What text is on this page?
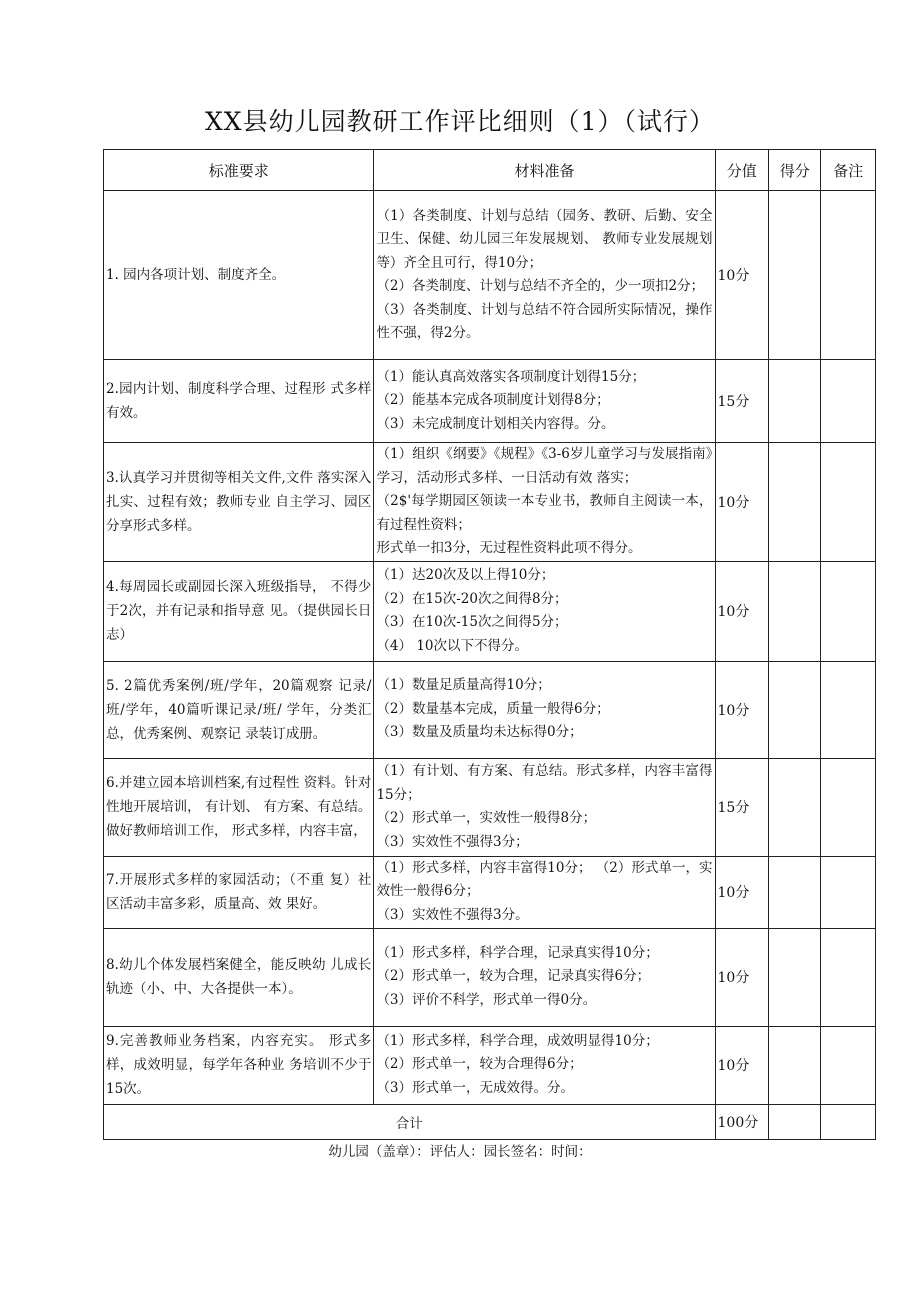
XX县幼儿园教研工作评比细则（1）（试行）
标准要求	材料准备	分值	得分	备注
1. 园内各项计划、制度齐全。	（1）各类制度、计划与总结（园务、教研、后勤、安全卫生、保健、幼儿园三年发展规划、 教师专业发展规划等）齐全且可行，得10分；
（2）各类制度、计划与总结不齐全的，少一项扣2分；
（3）各类制度、计划与总结不符合园所实际情况，操作性不强，得2分。	10分		
2.园内计划、制度科学合理、过程形 式多样有效。	（1）能认真高效落实各项制度计划得15分；
（2）能基本完成各项制度计划得8分；
（3）未完成制度计划相关内容得。分。	15分		
3.认真学习并贯彻等相关文件,文件 落实深入扎实、过程有效；教师专业 自主学习、园区分享形式多样。	（1）组织《纲要》《规程》《3-6岁儿童学习与发展指南》学习，活动形式多样、一日活动有效 落实；
（2$'每学期园区领读一本专业书，教师自主阅读一本，有过程性资料；
形式单一扣3分，无过程性资料此项不得分。	10分		
4.每周园长或副园长深入班级指导， 不得少于2次，并有记录和指导意 见。（提供园长日志）	（1）达20次及以上得10分；
（2）在15次-20次之间得8分；
（3）在10次-15次之间得5分；
（4） 10次以下不得分。	10分		
5. 2篇优秀案例/班/学年，20篇观察 记录/班/学年，40篇听课记录/班/ 学年，分类汇总，优秀案例、观察记 录装订成册。	（1）数量足质量高得10分；
（2）数量基本完成，质量一般得6分；
（3）数量及质量均未达标得0分；	10分		
6.并建立园本培训档案,有过程性 资料。针对性地开展培训， 有计划、 有方案、有总结。做好教师培训工作， 形式多样，内容丰富，	（1）有计划、有方案、有总结。形式多样，内容丰富得15分；
（2）形式单一，实效性一般得8分；
（3）实效性不强得3分；	15分		
7.开展形式多样的家园活动；（不重 复）社区活动丰富多彩，质量高、效 果好。	（1）形式多样，内容丰富得10分； （2）形式单一，实效性一般得6分；
（3）实效性不强得3分。	10分		
8.幼儿个体发展档案健全，能反映幼 儿成长轨迹（小、中、大各提供一本）。	（1）形式多样，科学合理，记录真实得10分；
（2）形式单一，较为合理，记录真实得6分；
（3）评价不科学，形式单一得0分。	10分		
9.完善教师业务档案，内容充实。 形式多样，成效明显，每学年各种业 务培训不少于15次。	（1）形式多样，科学合理，成效明显得10分；
（2）形式单一，较为合理得6分；
（3）形式单一，无成效得。分。	10分		
合计		100分		
幼儿园（盖章）：评估人：园长签名：时间：
